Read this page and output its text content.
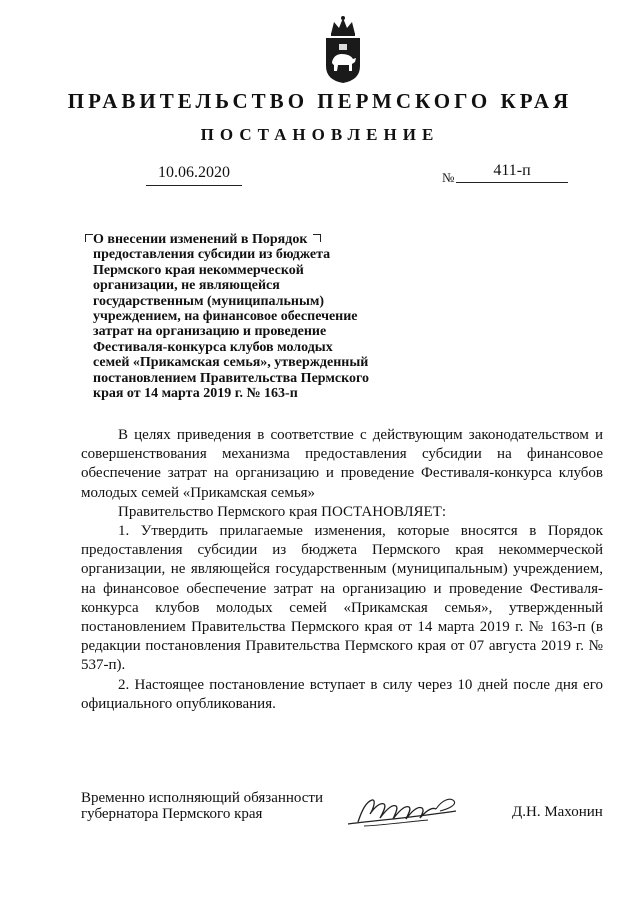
ПРАВИТЕЛЬСТВО ПЕРМСКОГО КРАЯ
ПОСТАНОВЛЕНИЕ
10.06.2020	№	411-п
О внесении изменений в Порядок
предоставления субсидии из бюджета
Пермского края некоммерческой
организации, не являющейся
государственным (муниципальным)
учреждением, на финансовое обеспечение
затрат на организацию и проведение
Фестиваля-конкурса клубов молодых
семей «Прикамская семья», утвержденный
постановлением Правительства Пермского
края от 14 марта 2019 г. № 163-п

В целях приведения в соответствие с действующим законодательством и совершенствования механизма предоставления субсидии на финансовое обеспечение затрат на организацию и проведение Фестиваля-конкурса клубов молодых семей «Прикамская семья»

Правительство Пермского края ПОСТАНОВЛЯЕТ:

1. Утвердить прилагаемые изменения, которые вносятся в Порядок предоставления субсидии из бюджета Пермского края некоммерческой организации, не являющейся государственным (муниципальным) учреждением, на финансовое обеспечение затрат на организацию и проведение Фестиваля-конкурса клубов молодых семей «Прикамская семья», утвержденный постановлением Правительства Пермского края от 14 марта 2019 г. № 163-п (в редакции постановления Правительства Пермского края от 07 августа 2019 г. № 537-п).

2. Настоящее постановление вступает в силу через 10 дней после дня его официального опубликования.

Временно исполняющий обязанности
губернатора Пермского края	Д.Н. Махонин
